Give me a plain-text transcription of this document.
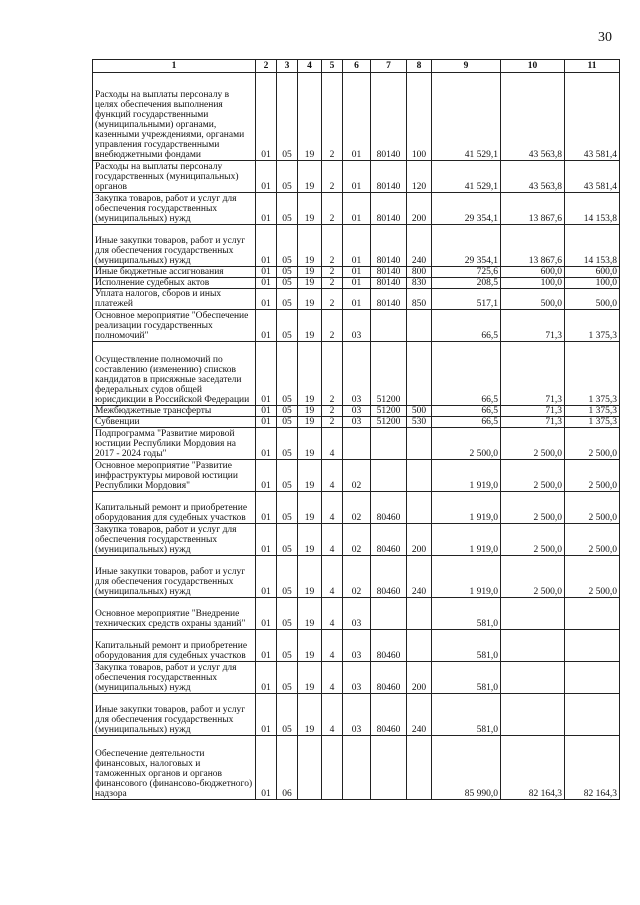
30
1	2	3	4	5	6	7	8	9	10	11
Расходы на выплаты персоналу в целях обеспечения выполнения функций государственными (муниципальными) органами, казенными учреждениями, органами управления государственными внебюджетными фондами	01	05	19	2	01	80140	100	41 529,1	43 563,8	43 581,4
Расходы на выплаты персоналу государственных (муниципальных) органов	01	05	19	2	01	80140	120	41 529,1	43 563,8	43 581,4
Закупка товаров, работ и услуг для обеспечения государственных (муниципальных) нужд	01	05	19	2	01	80140	200	29 354,1	13 867,6	14 153,8
Иные закупки товаров, работ и услуг для обеспечения государственных (муниципальных) нужд	01	05	19	2	01	80140	240	29 354,1	13 867,6	14 153,8
Иные бюджетные ассигнования	01	05	19	2	01	80140	800	725,6	600,0	600,0
Исполнение судебных актов	01	05	19	2	01	80140	830	208,5	100,0	100,0
Уплата налогов, сборов и иных платежей	01	05	19	2	01	80140	850	517,1	500,0	500,0
Основное мероприятие "Обеспечение реализации государственных полномочий"	01	05	19	2	03			66,5	71,3	1 375,3
Осуществление полномочий по составлению (изменению) списков кандидатов в присяжные заседатели федеральных судов общей юрисдикции в Российской Федерации	01	05	19	2	03	51200		66,5	71,3	1 375,3
Межбюджетные трансферты	01	05	19	2	03	51200	500	66,5	71,3	1 375,3
Субвенции	01	05	19	2	03	51200	530	66,5	71,3	1 375,3
Подпрограмма "Развитие мировой юстиции Республики Мордовия на 2017 - 2024 годы"	01	05	19	4				2 500,0	2 500,0	2 500,0
Основное мероприятие "Развитие инфраструктуры мировой юстиции Республики Мордовия"	01	05	19	4	02			1 919,0	2 500,0	2 500,0
Капитальный ремонт и приобретение оборудования для судебных участков	01	05	19	4	02	80460		1 919,0	2 500,0	2 500,0
Закупка товаров, работ и услуг для обеспечения государственных (муниципальных) нужд	01	05	19	4	02	80460	200	1 919,0	2 500,0	2 500,0
Иные закупки товаров, работ и услуг для обеспечения государственных (муниципальных) нужд	01	05	19	4	02	80460	240	1 919,0	2 500,0	2 500,0
Основное мероприятие "Внедрение технических средств охраны зданий"	01	05	19	4	03			581,0		
Капитальный ремонт и приобретение оборудования для судебных участков	01	05	19	4	03	80460		581,0		
Закупка товаров, работ и услуг для обеспечения государственных (муниципальных) нужд	01	05	19	4	03	80460	200	581,0		
Иные закупки товаров, работ и услуг для обеспечения государственных (муниципальных) нужд	01	05	19	4	03	80460	240	581,0		
Обеспечение деятельности финансовых, налоговых и таможенных органов и органов финансового (финансово-бюджетного) надзора	01	06						85 990,0	82 164,3	82 164,3
